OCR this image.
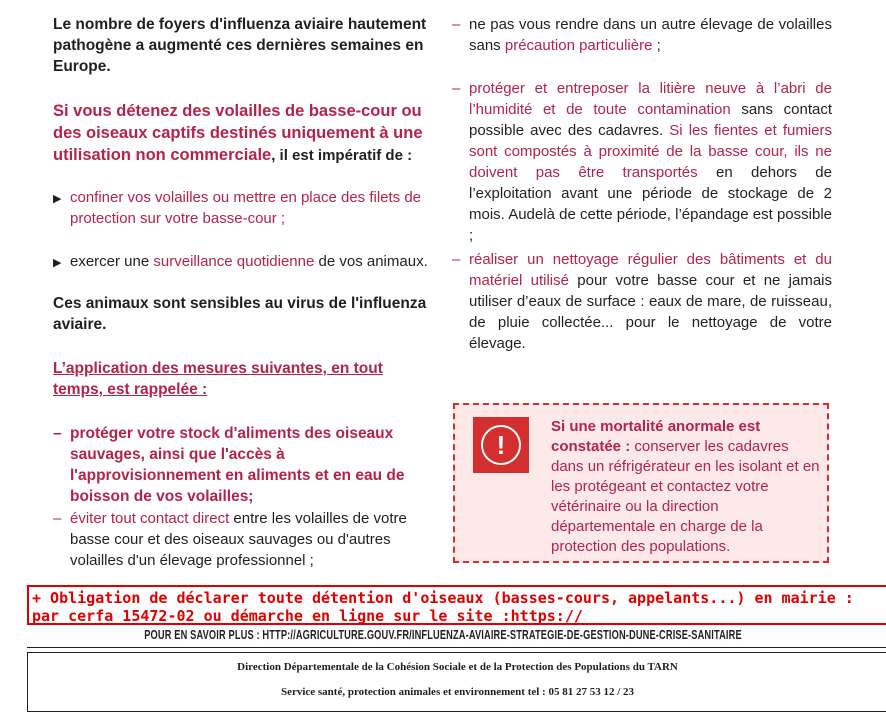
Le nombre de foyers d'influenza aviaire hautement pathogène a augmenté ces dernières semaines en Europe.

Si vous détenez des volailles de basse-cour ou des oiseaux captifs destinés uniquement à une utilisation non commerciale, il est impératif de :

▶ confiner vos volailles ou mettre en place des filets de protection sur votre basse-cour ;
▶ exercer une surveillance quotidienne de vos animaux.

Ces animaux sont sensibles au virus de l'influenza aviaire.

L’application des mesures suivantes, en tout temps, est rappelée :

– protéger votre stock d'aliments des oiseaux sauvages, ainsi que l'accès à l'approvisionnement en aliments et en eau de boisson de vos volailles;
– éviter tout contact direct entre les volailles de votre basse cour et des oiseaux sauvages ou d'autres volailles d'un élevage professionnel ;
– ne pas vous rendre dans un autre élevage de volailles sans précaution particulière ;
– protéger et entreposer la litière neuve à l’abri de l’humidité et de toute contamination sans contact possible avec des cadavres. Si les fientes et fumiers sont compostés à proximité de la basse cour, ils ne doivent pas être transportés en dehors de l’exploitation avant une période de stockage de 2 mois. Audelà de cette période, l’épandage est possible ;
– réaliser un nettoyage régulier des bâtiments et du matériel utilisé pour votre basse cour et ne jamais utiliser d’eaux de surface : eaux de mare, de ruisseau, de pluie collectée... pour le nettoyage de votre élevage.
!

Si une mortalité anormale est constatée : conserver les cadavres dans un réfrigérateur en les isolant et en les protégeant et contactez votre vétérinaire ou la direction départementale en charge de la protection des populations.

+ Obligation de déclarer toute détention d'oiseaux (basses-cours, appelants...) en mairie :
par cerfa 15472-02 ou démarche en ligne sur le site :https://
POUR EN SAVOIR PLUS : HTTP://AGRICULTURE.GOUV.FR/INFLUENZA-AVIAIRE-STRATEGIE-DE-GESTION-DUNE-CRISE-SANITAIRE
Direction Départementale de la Cohésion Sociale et de la Protection des Populations du TARN
Service santé, protection animales et environnement tel : 05 81 27 53 12 / 23
